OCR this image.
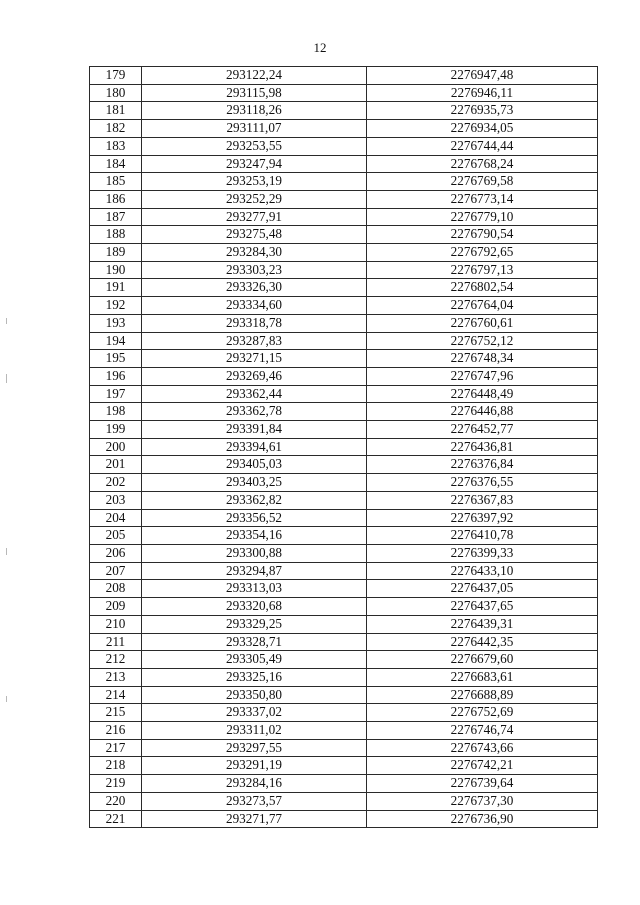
12
179	293122,24	2276947,48
180	293115,98	2276946,11
181	293118,26	2276935,73
182	293111,07	2276934,05
183	293253,55	2276744,44
184	293247,94	2276768,24
185	293253,19	2276769,58
186	293252,29	2276773,14
187	293277,91	2276779,10
188	293275,48	2276790,54
189	293284,30	2276792,65
190	293303,23	2276797,13
191	293326,30	2276802,54
192	293334,60	2276764,04
193	293318,78	2276760,61
194	293287,83	2276752,12
195	293271,15	2276748,34
196	293269,46	2276747,96
197	293362,44	2276448,49
198	293362,78	2276446,88
199	293391,84	2276452,77
200	293394,61	2276436,81
201	293405,03	2276376,84
202	293403,25	2276376,55
203	293362,82	2276367,83
204	293356,52	2276397,92
205	293354,16	2276410,78
206	293300,88	2276399,33
207	293294,87	2276433,10
208	293313,03	2276437,05
209	293320,68	2276437,65
210	293329,25	2276439,31
211	293328,71	2276442,35
212	293305,49	2276679,60
213	293325,16	2276683,61
214	293350,80	2276688,89
215	293337,02	2276752,69
216	293311,02	2276746,74
217	293297,55	2276743,66
218	293291,19	2276742,21
219	293284,16	2276739,64
220	293273,57	2276737,30
221	293271,77	2276736,90
